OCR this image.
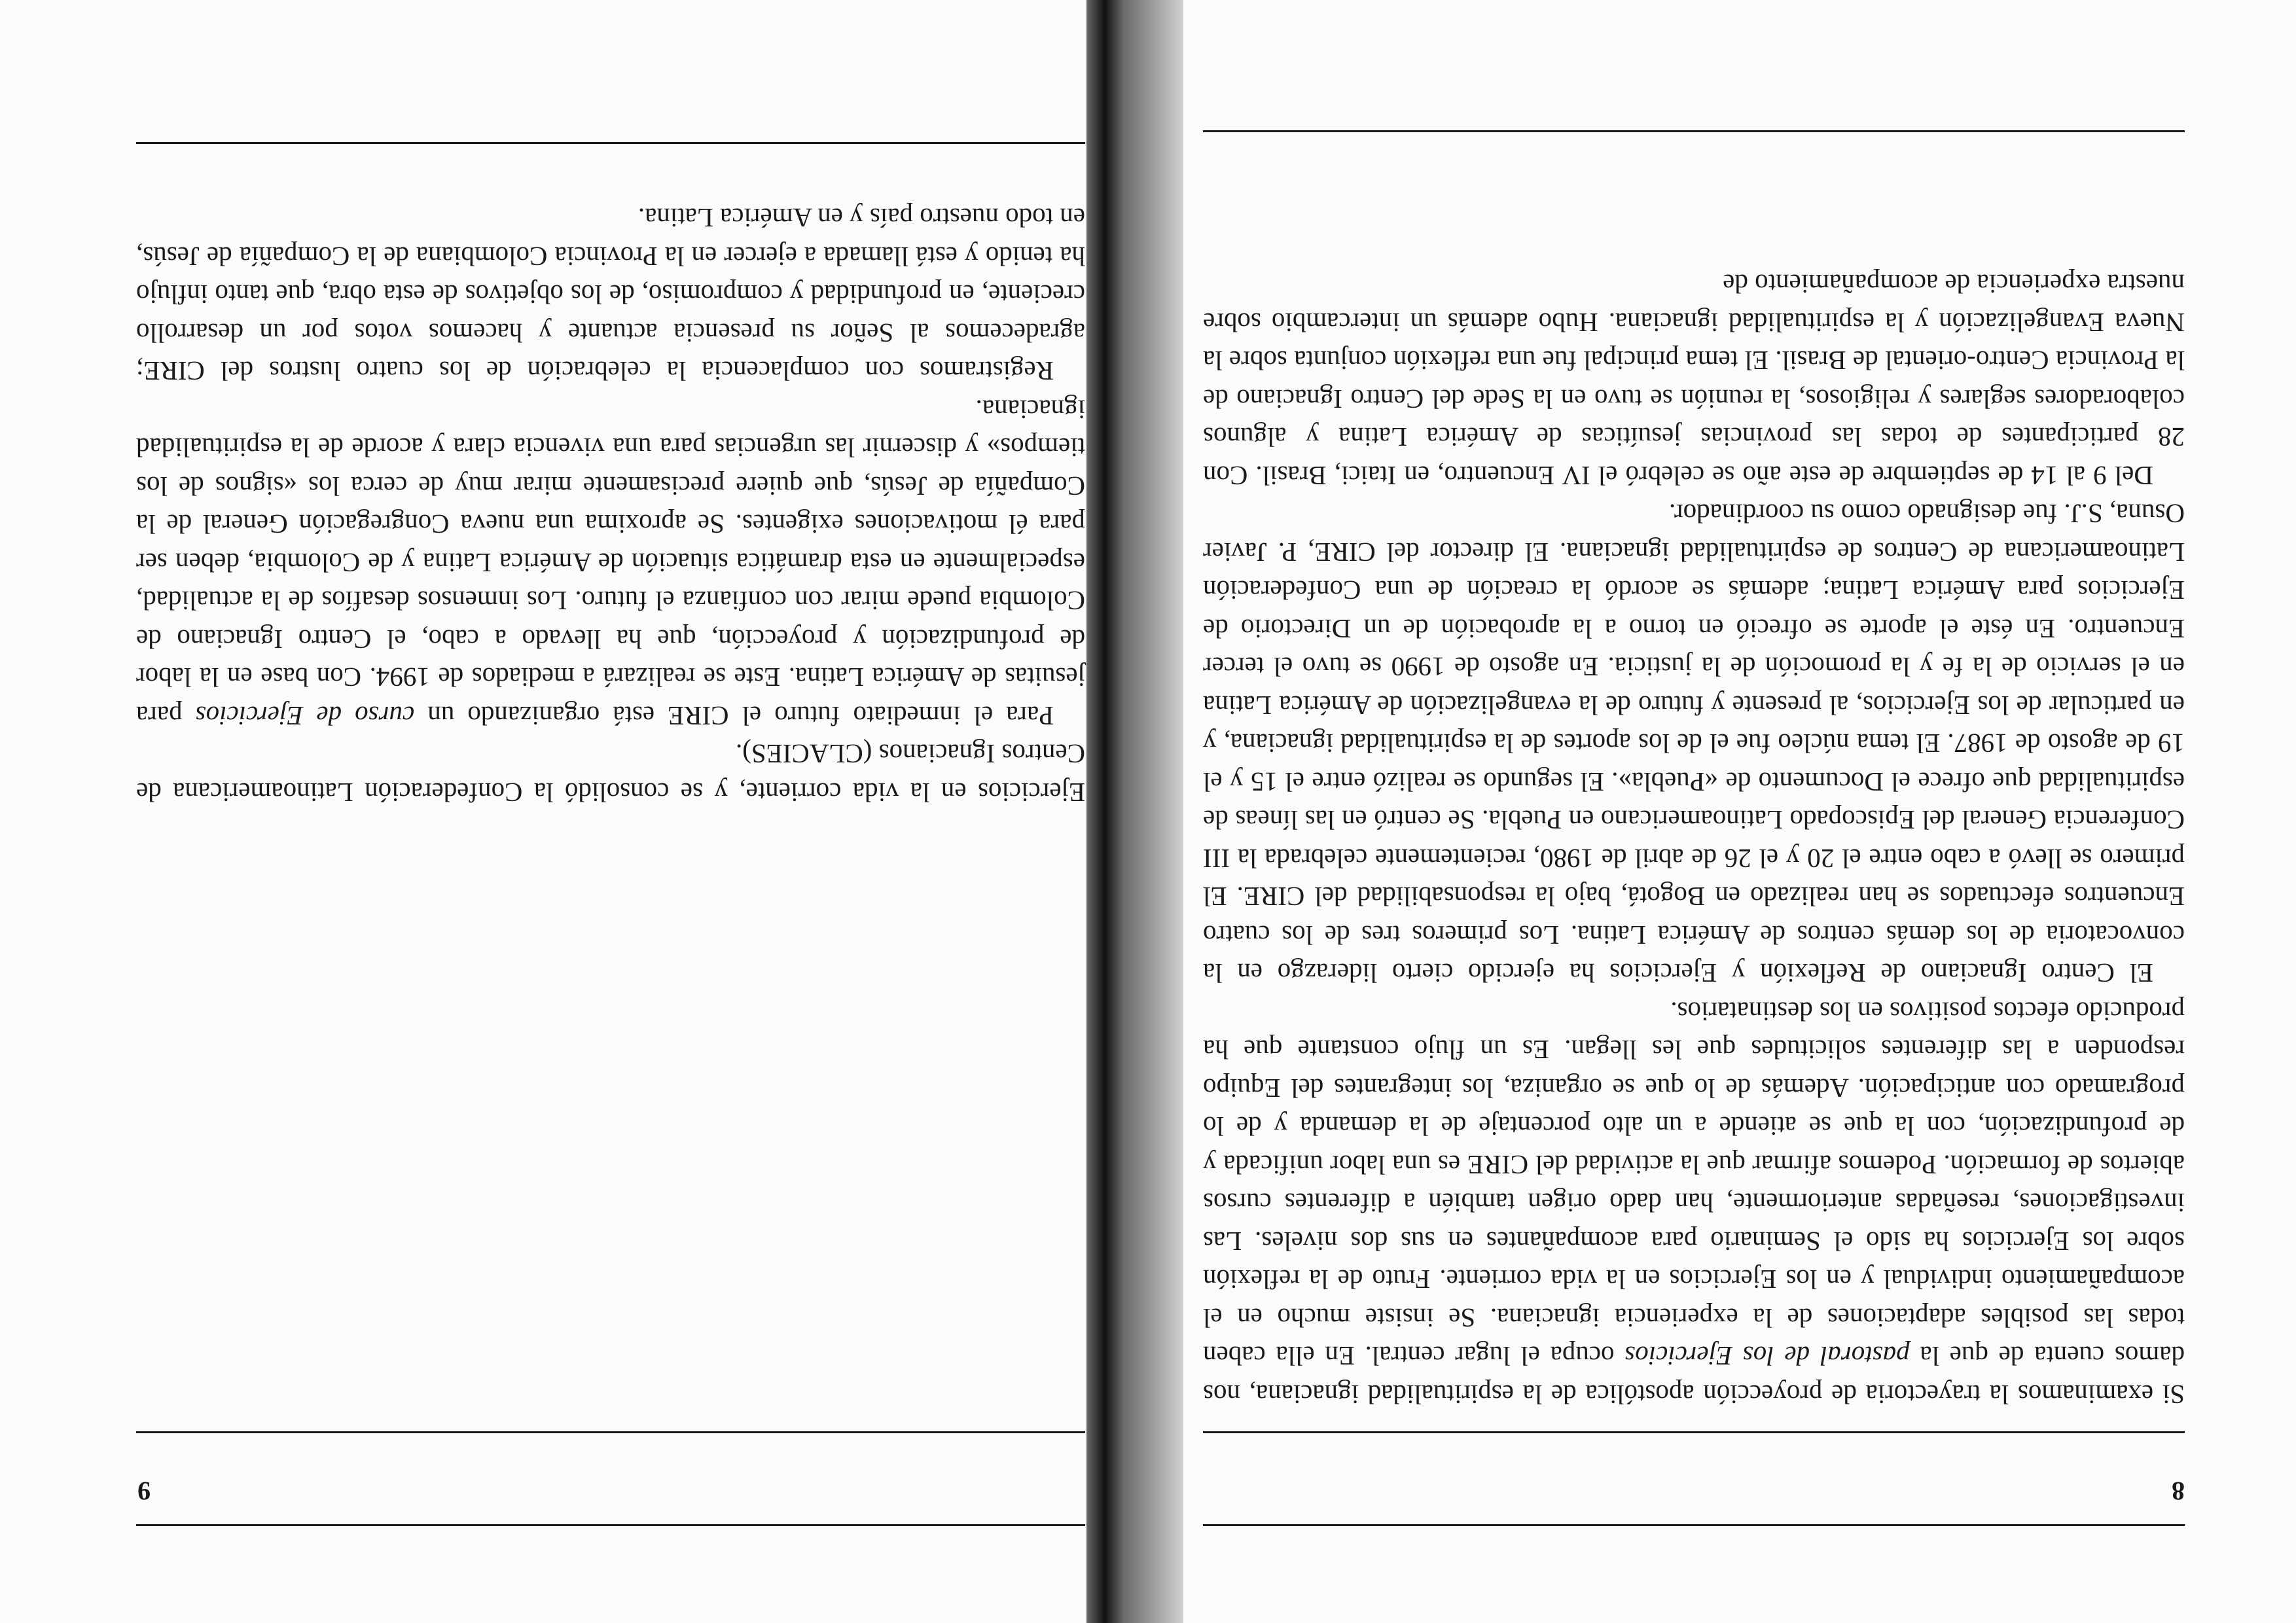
8

Si examinamos la trayectoria de proyección apostólica de la espiritualidad ignaciana, nos damos cuenta de que la pastoral de los Ejercicios ocupa el lugar central. En ella caben todas las posibles adaptaciones de la experiencia ignaciana. Se insiste mucho en el acompañamiento individual y en los Ejercicios en la vida corriente. Fruto de la reflexión sobre los Ejercicios ha sido el Seminario para acompañantes en sus dos niveles. Las investigaciones, reseñadas anteriormente, han dado origen también a diferentes cursos abiertos de formación. Podemos afirmar que la actividad del CIRE es una labor unificada y de profundización, con la que se atiende a un alto porcentaje de la demanda y de lo programado con anticipación. Además de lo que se organiza, los integrantes del Equipo responden a las diferentes solicitudes que les llegan. Es un flujo constante que ha producido efectos positivos en los destinatarios.

El Centro Ignaciano de Reflexión y Ejercicios ha ejercido cierto liderazgo en la convocatoria de los demás centros de América Latina. Los primeros tres de los cuatro Encuentros efectuados se han realizado en Bogotá, bajo la responsabilidad del CIRE. El primero se llevó a cabo entre el 20 y el 26 de abril de 1980, recientemente celebrada la III Conferencia General del Episcopado Latinoamericano en Puebla. Se centró en las líneas de espiritualidad que ofrece el Documento de «Puebla». El segundo se realizó entre el 15 y el 19 de agosto de 1987. El tema núcleo fue el de los aportes de la espiritualidad ignaciana, y en particular de los Ejercicios, al presente y futuro de la evangelización de América Latina en el servicio de la fe y la promoción de la justicia. En agosto de 1990 se tuvo el tercer Encuentro. En éste el aporte se ofreció en torno a la aprobación de un Directorio de Ejercicios para América Latina; además se acordó la creación de una Confederación Latinoamericana de Centros de espiritualidad ignaciana. El director del CIRE, P. Javier Osuna, S.J. fue designado como su coordinador.

Del 9 al 14 de septiembre de este año se celebró el IV Encuentro, en Itaici, Brasil. Con 28 participantes de todas las provincias jesuíticas de América Latina y algunos colaboradores seglares y religiosos, la reunión se tuvo en la Sede del Centro Ignaciano de la Provincia Centro-oriental de Brasil. El tema principal fue una reflexión conjunta sobre la Nueva Evangelización y la espiritualidad ignaciana. Hubo además un intercambio sobre nuestra experiencia de acompañamiento de

9

Ejercicios en la vida corriente, y se consolidó la Confederación Latinoamericana de Centros Ignacianos (CLACIES).

Para el inmediato futuro el CIRE está organizando un curso de Ejercicios para jesuitas de América Latina. Este se realizará a mediados de 1994. Con base en la labor de profundización y proyección, que ha llevado a cabo, el Centro Ignaciano de Colombia puede mirar con confianza el futuro. Los inmensos desafíos de la actualidad, especialmente en esta dramática situación de América Latina y de Colombia, deben ser para él motivaciones exigentes. Se aproxima una nueva Congregación General de la Compañía de Jesús, que quiere precisamente mirar muy de cerca los «signos de los tiempos» y discernir las urgencias para una vivencia clara y acorde de la espiritualidad ignaciana.

Registramos con complacencia la celebración de los cuatro lustros del CIRE; agradecemos al Señor su presencia actuante y hacemos votos por un desarrollo creciente, en profundidad y compromiso, de los objetivos de esta obra, que tanto influjo ha tenido y está llamada a ejercer en la Provincia Colombiana de la Compañía de Jesús, en todo nuestro país y en América Latina.
